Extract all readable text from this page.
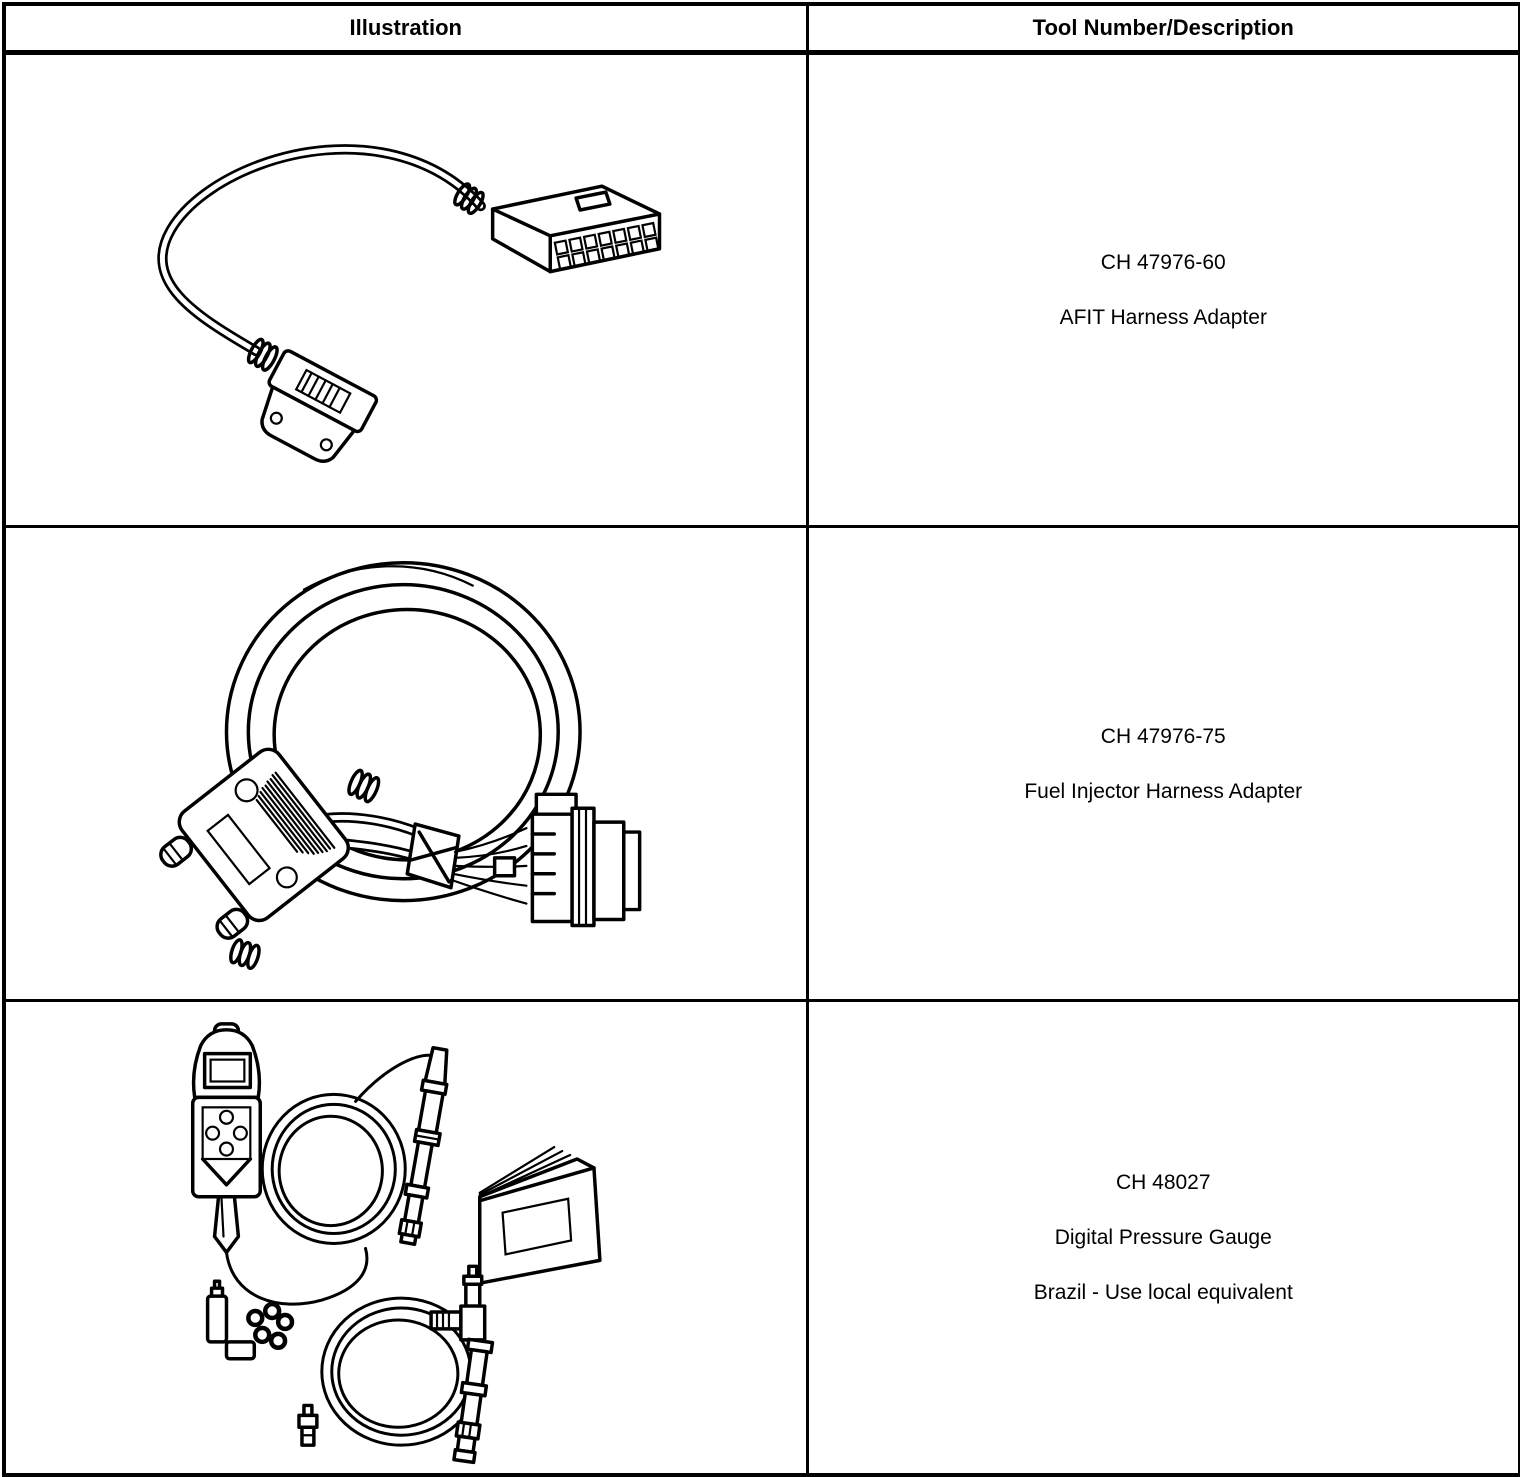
Illustration	Tool Number/Description

CH 47976-60
AFIT Harness Adapter

CH 47976-75
Fuel Injector Harness Adapter

CH 48027
Digital Pressure Gauge
Brazil - Use local equivalent
